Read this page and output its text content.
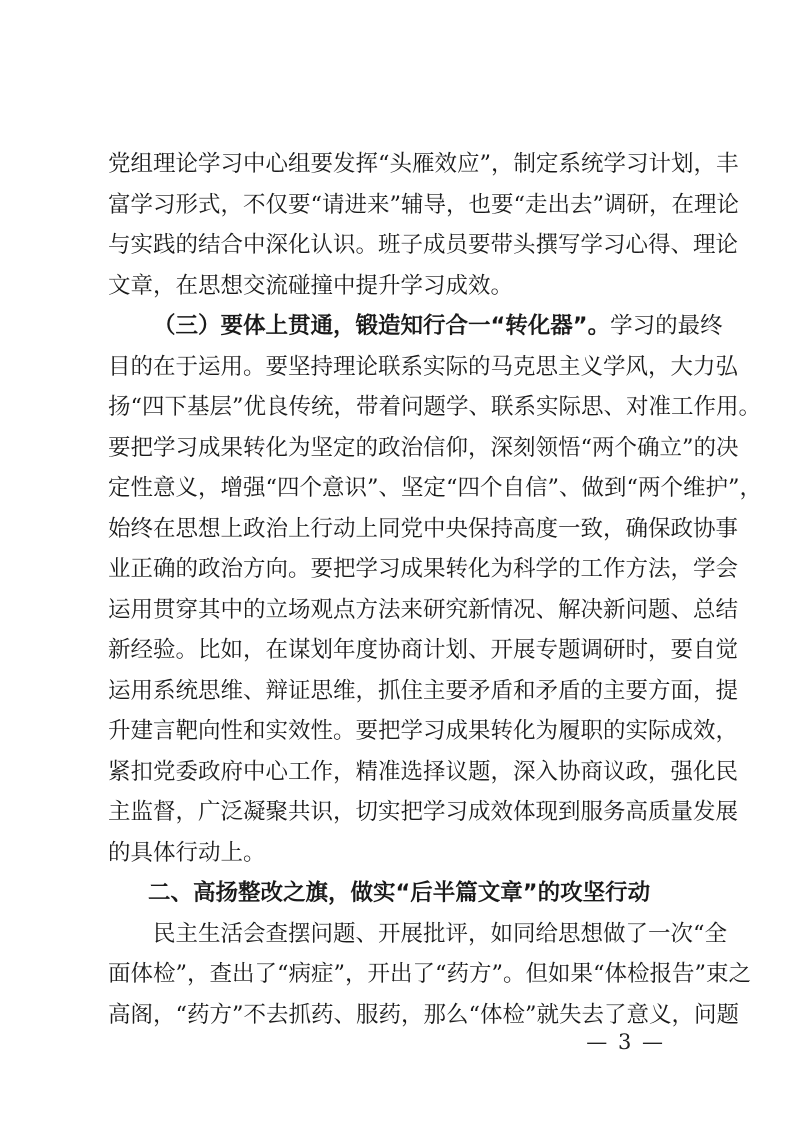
党组理论学习中心组要发挥“头雁效应”，制定系统学习计划，丰
富学习形式，不仅要“请进来”辅导，也要“走出去”调研，在理论
与实践的结合中深化认识。班子成员要带头撰写学习心得、理论
文章，在思想交流碰撞中提升学习成效。
（三）要体上贯通，锻造知行合一“转化器”。学习的最终
目的在于运用。要坚持理论联系实际的马克思主义学风，大力弘
扬“四下基层”优良传统，带着问题学、联系实际思、对准工作用。
要把学习成果转化为坚定的政治信仰，深刻领悟“两个确立”的决
定性意义，增强“四个意识”、坚定“四个自信”、做到“两个维护”，
始终在思想上政治上行动上同党中央保持高度一致，确保政协事
业正确的政治方向。要把学习成果转化为科学的工作方法，学会
运用贯穿其中的立场观点方法来研究新情况、解决新问题、总结
新经验。比如，在谋划年度协商计划、开展专题调研时，要自觉
运用系统思维、辩证思维，抓住主要矛盾和矛盾的主要方面，提
升建言靶向性和实效性。要把学习成果转化为履职的实际成效，
紧扣党委政府中心工作，精准选择议题，深入协商议政，强化民
主监督，广泛凝聚共识，切实把学习成效体现到服务高质量发展
的具体行动上。
二、高扬整改之旗，做实“后半篇文章”的攻坚行动
民主生活会查摆问题、开展批评，如同给思想做了一次“全
面体检”，查出了“病症”，开出了“药方”。但如果“体检报告”束之
高阁，“药方”不去抓药、服药，那么“体检”就失去了意义，问题
— 3 —
